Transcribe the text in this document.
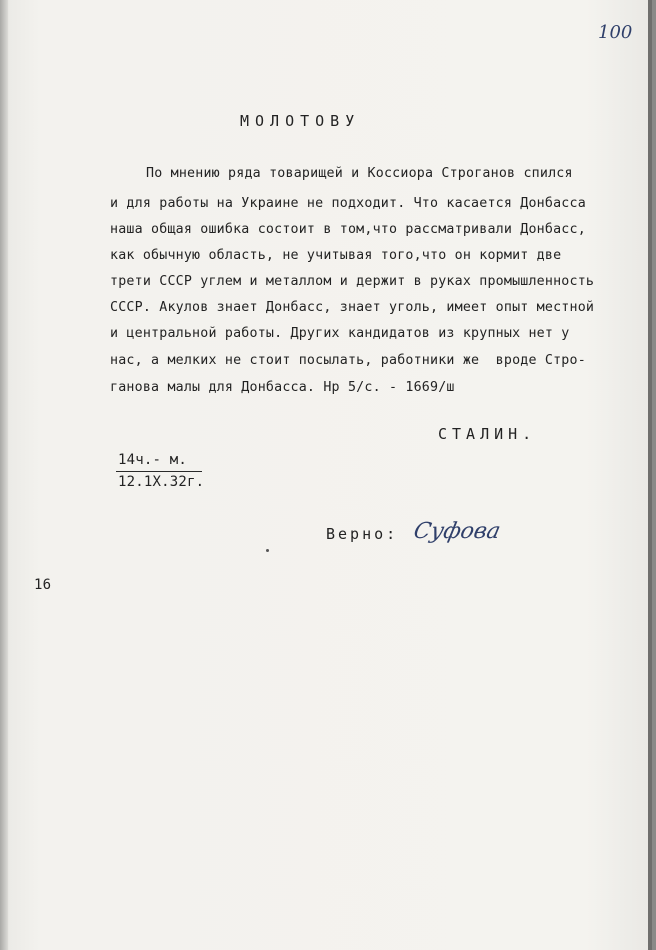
100
МОЛОТОВУ
По мнению ряда товарищей и Коссиора Строганов спился
и для работы на Украине не подходит. Что касается Донбасса
наша общая ошибка состоит в том,что рассматривали Донбасс,
как обычную область, не учитывая того,что он кормит две
трети СССР углем и металлом и держит в руках промышленность
СССР. Акулов знает Донбасс, знает уголь, имеет опыт местной
и центральной работы. Других кандидатов из крупных нет у
нас, а мелких не стоит посылать, работники же  вроде Стро-
ганова малы для Донбасса. Нр 5/с. - 1669/ш
СТАЛИН.
14ч.- м.
12.1Х.32г.
Верно: Суфова
16
